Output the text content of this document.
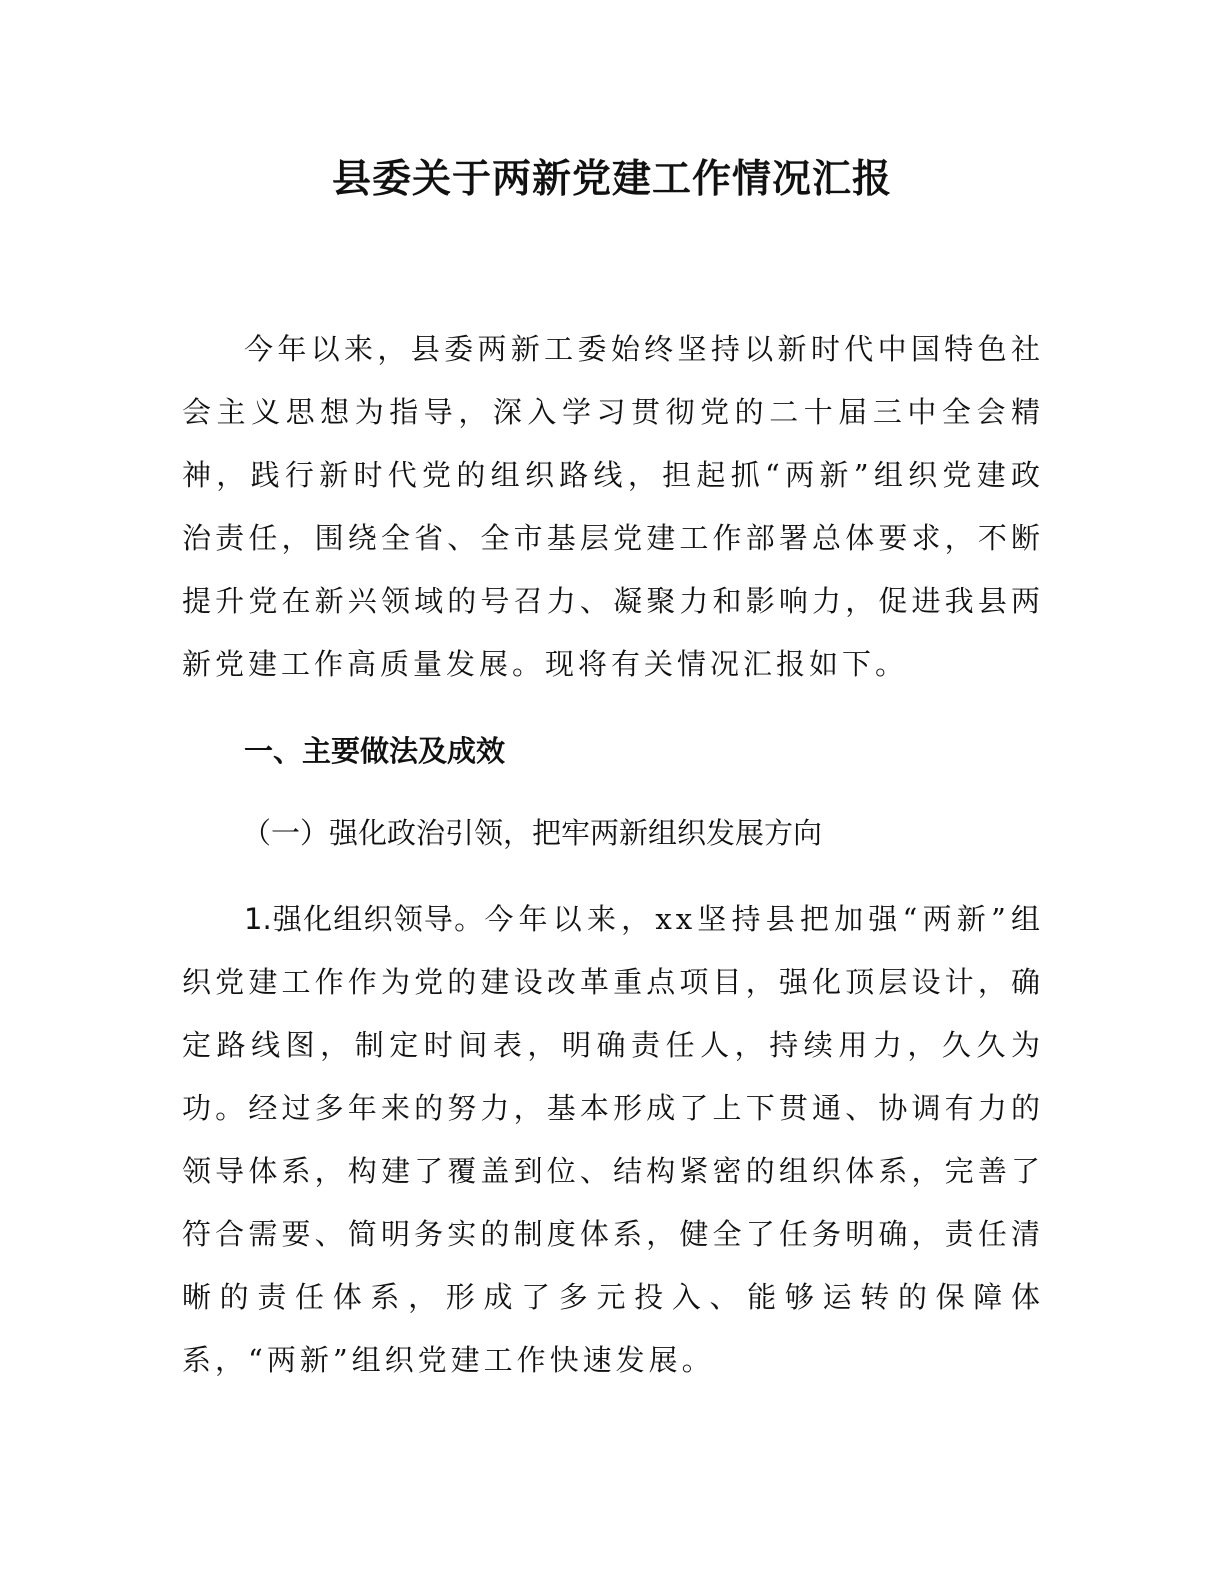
县委关于两新党建工作情况汇报

今年以来，县委两新工委始终坚持以新时代中国特色社会主义思想为指导，深入学习贯彻党的二十届三中全会精神，践行新时代党的组织路线，担起抓“两新”组织党建政治责任，围绕全省、全市基层党建工作部署总体要求，不断提升党在新兴领域的号召力、凝聚力和影响力，促进我县两新党建工作高质量发展。现将有关情况汇报如下。

一、主要做法及成效
（一）强化政治引领，把牢两新组织发展方向

1.强化组织领导。今年以来，xx坚持县把加强“两新”组织党建工作作为党的建设改革重点项目，强化顶层设计，确定路线图，制定时间表，明确责任人，持续用力，久久为功。经过多年来的努力，基本形成了上下贯通、协调有力的领导体系，构建了覆盖到位、结构紧密的组织体系，完善了符合需要、简明务实的制度体系，健全了任务明确，责任清晰的责任体系，形成了多元投入、能够运转的保障体系，“两新”组织党建工作快速发展。
